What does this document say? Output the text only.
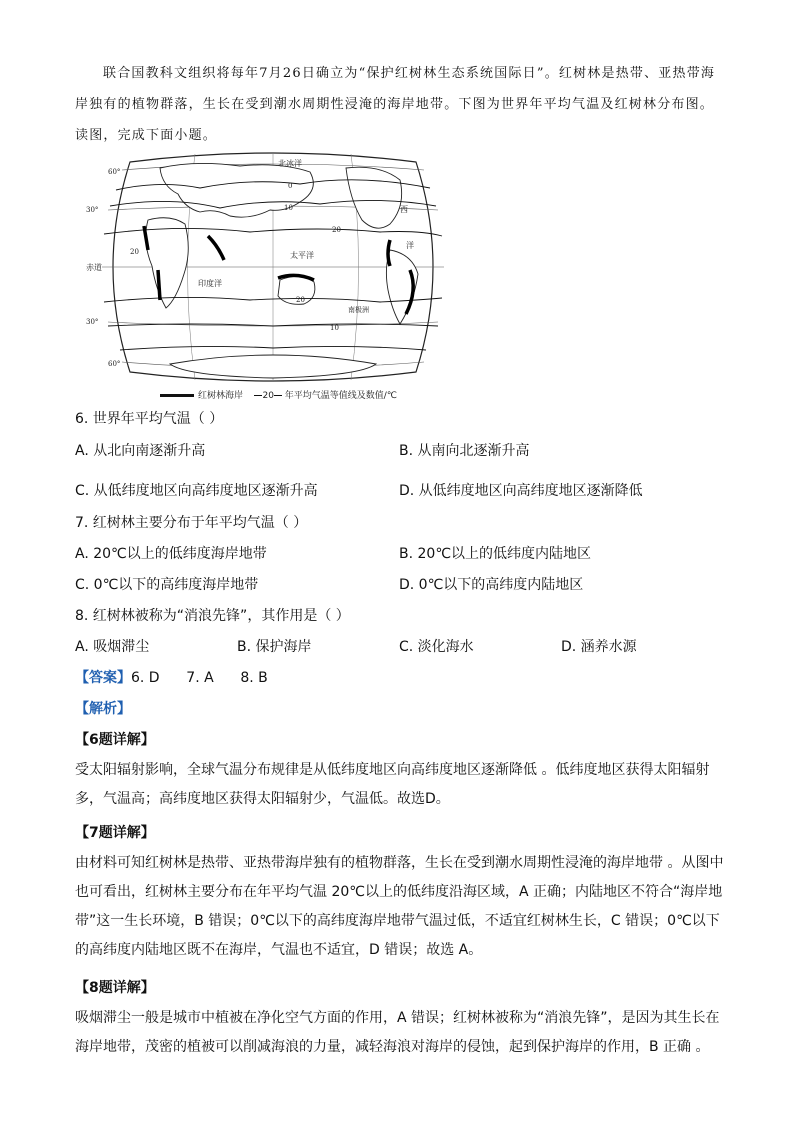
联合国教科文组织将每年7月26日确立为“保护红树林生态系统国际日”。红树林是热带、亚热带海岸独有的植物群落，生长在受到潮水周期性浸淹的海岸地带。下图为世界年平均气温及红树林分布图。读图，完成下面小题。

北冰洋
太平洋
印度洋
西
洋
南极洲
赤道
60°
30°
30°
60°
0
10
20
20
10
20
红树林海岸 20 年平均气温等值线及数值/℃
6. 世界年平均气温（ ）
A. 从北向南逐渐升高	B. 从南向北逐渐升高
C. 从低纬度地区向高纬度地区逐渐升高	D. 从低纬度地区向高纬度地区逐渐降低
7. 红树林主要分布于年平均气温（ ）
A. 20℃以上的低纬度海岸地带	B. 20℃以上的低纬度内陆地区
C. 0℃以下的高纬度海岸地带	D. 0℃以下的高纬度内陆地区
8. 红树林被称为“消浪先锋”，其作用是（ ）
A. 吸烟滞尘	B. 保护海岸	C. 淡化海水	D. 涵养水源
【答案】6. D      7. A      8. B
【解析】
【6题详解】

受太阳辐射影响，全球气温分布规律是从低纬度地区向高纬度地区逐渐降低 。低纬度地区获得太阳辐射多，气温高；高纬度地区获得太阳辐射少，气温低。故选D。

【7题详解】

由材料可知红树林是热带、亚热带海岸独有的植物群落，生长在受到潮水周期性浸淹的海岸地带 。从图中也可看出，红树林主要分布在年平均气温 20℃以上的低纬度沿海区域，A 正确；内陆地区不符合“海岸地带”这一生长环境，B 错误；0℃以下的高纬度海岸地带气温过低，不适宜红树林生长，C 错误；0℃以下的高纬度内陆地区既不在海岸，气温也不适宜，D 错误；故选 A。

【8题详解】

吸烟滞尘一般是城市中植被在净化空气方面的作用，A 错误；红树林被称为“消浪先锋”，是因为其生长在海岸地带，茂密的植被可以削减海浪的力量，减轻海浪对海岸的侵蚀，起到保护海岸的作用，B 正确 。
